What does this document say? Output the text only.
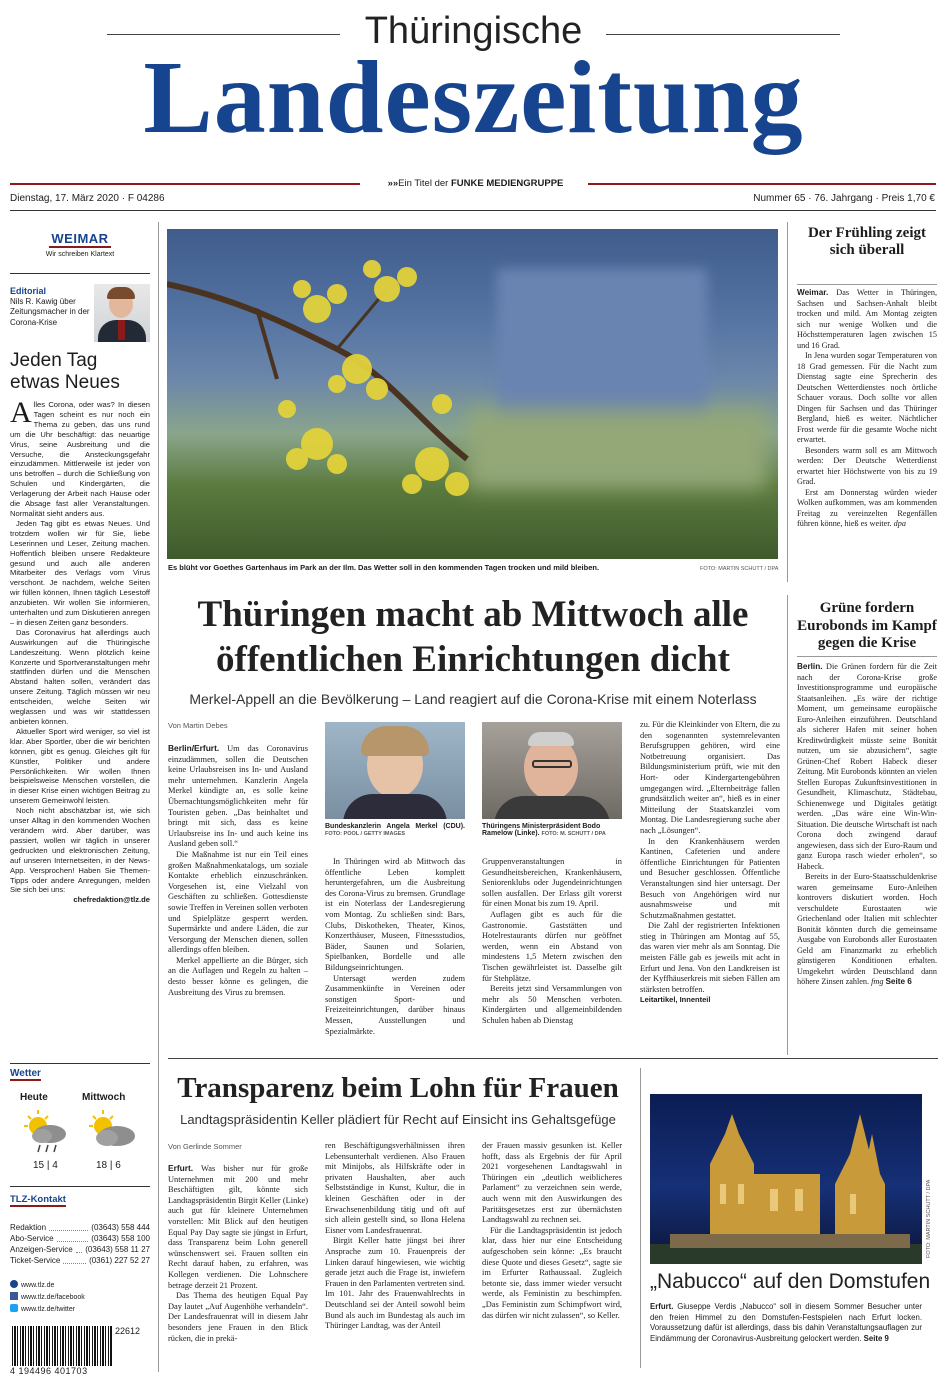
Thüringische
Landeszeitung
»»Ein Titel der FUNKE MEDIENGRUPPE
Dienstag, 17. März 2020 · F 04286	Nummer 65 · 76. Jahrgang · Preis 1,70 €
WEIMAR
Wir schreiben Klartext
Editorial
Nils R. Kawig über Zeitungsmacher in der Corona-Krise
Jeden Tag etwas Neues
Alles Corona, oder was? In diesen Tagen scheint es nur noch ein Thema zu geben, das uns rund um die Uhr beschäftigt: das neuartige Virus, seine Ausbreitung und die Versuche, die Ansteckungsgefahr einzudämmen. Mittlerweile ist jeder von uns betroffen – durch die Schließung von Schulen und Kindergärten, die Verlagerung der Arbeit nach Hause oder die Absage fast aller Veranstaltungen. Normalität sieht anders aus.
Jeden Tag gibt es etwas Neues. Und trotzdem wollen wir für Sie, liebe Leserinnen und Leser, Zeitung machen. Hoffentlich bleiben unsere Redakteure gesund und auch alle anderen Mitarbeiter des Verlags vom Virus verschont. Je nachdem, welche Seiten wir füllen können, Ihnen täglich Lesestoff anzubieten. Wir wollen Sie informieren, unterhalten und zum Diskutieren anregen – in diesen Zeiten ganz besonders.
Das Coronavirus hat allerdings auch Auswirkungen auf die Thüringische Landeszeitung. Wenn plötzlich keine Konzerte und Sportveranstaltungen mehr stattfinden dürfen und die Menschen Abstand halten sollen, verändert das unsere Zeitung. Täglich müssen wir neu entscheiden, welche Seiten wir weglassen und was wir stattdessen anbieten können.
Aktueller Sport wird weniger, so viel ist klar. Aber Sportler, über die wir berichten können, gibt es genug. Gleiches gilt für Künstler, Politiker und andere Persönlichkeiten. Wir wollen Ihnen beispielsweise Menschen vorstellen, die in dieser Krise einen wichtigen Beitrag zu unserem Gemeinwohl leisten.
Noch nicht abschätzbar ist, wie sich unser Alltag in den kommenden Wochen verändern wird. Aber darüber, was passiert, wollen wir täglich in unserer gedruckten und elektronischen Zeitung, auf unseren Internetseiten, in der News-App. Versprochen! Haben Sie Themen-Tipps oder andere Anregungen, melden Sie sich bei uns:
chefredaktion@tlz.de
Wetter
Heute	Mittwoch
15 | 4	18 | 6
TLZ-Kontakt
Redaktion	(03643) 558 444
Abo-Service	(03643) 558 100
Anzeigen-Service (03643) 558 11 27
Ticket-Service	(0361) 227 52 27
www.tlz.de
www.tlz.de/facebook
www.tlz.de/twitter
22612
4 194496 401703
Es blüht vor Goethes Gartenhaus im Park an der Ilm. Das Wetter soll in den kommenden Tagen trocken und mild bleiben.	FOTO: MARTIN SCHUTT / DPA
Der Frühling zeigt sich überall
Weimar. Das Wetter in Thüringen, Sachsen und Sachsen-Anhalt bleibt trocken und mild. Am Montag zeigten sich nur wenige Wolken und die Höchsttemperaturen lagen zwischen 15 und 16 Grad.
In Jena wurden sogar Temperaturen von 18 Grad gemessen. Für die Nacht zum Dienstag sagte eine Sprecherin des Deutschen Wetterdienstes noch örtliche Schauer voraus. Doch sollte vor allen Dingen für Sachsen und das Thüringer Bergland, hieß es weiter. Nächtlicher Frost werde für die gesamte Woche nicht erwartet.
Besonders warm soll es am Mittwoch werden: Der Deutsche Wetterdienst erwartet hier Höchstwerte von bis zu 19 Grad.
Erst am Donnerstag würden wieder Wolken aufkommen, was am kommenden Freitag zu vereinzelten Regenfällen führen könne, hieß es weiter. dpa
Thüringen macht ab Mittwoch alle öffentlichen Einrichtungen dicht
Merkel-Appell an die Bevölkerung – Land reagiert auf die Corona-Krise mit einem Noterlass
Von Martin Debes
Berlin/Erfurt. Um das Coronavirus einzudämmen, sollen die Deutschen keine Urlaubsreisen ins In- und Ausland mehr unternehmen. Kanzlerin Angela Merkel kündigte an, es solle keine Übernachtungsmöglichkeiten mehr für Touristen geben. „Das beinhaltet und bringt mit sich, dass es keine Urlaubsreise ins In- und auch keine ins Ausland geben soll.“
Die Maßnahme ist nur ein Teil eines großen Maßnahmenkatalogs, um soziale Kontakte erheblich einzuschränken. Vorgesehen ist, eine Vielzahl von Geschäften zu schließen. Gottesdienste sowie Treffen in Vereinen sollen verboten und Spielplätze gesperrt werden. Supermärkte und andere Läden, die zur Versorgung der Menschen dienen, sollen allerdings offen bleiben.
Merkel appellierte an die Bürger, sich an die Auflagen und Regeln zu halten – desto besser könne es gelingen, die Ausbreitung des Virus zu bremsen.
Bundeskanzlerin Angela Merkel (CDU). FOTO: POOL / GETTY IMAGES
Thüringens Ministerpräsident Bodo Ramelow (Linke). FOTO: M. SCHUTT / DPA
In Thüringen wird ab Mittwoch das öffentliche Leben komplett heruntergefahren, um die Ausbreitung des Corona-Virus zu bremsen. Grundlage ist ein Noterlass der Landesregierung vom Montag. Zu schließen sind: Bars, Clubs, Diskotheken, Theater, Kinos, Konzerthäuser, Museen, Fitnessstudios, Bäder, Saunen und Solarien, Spielbanken, Bordelle und alle Bildungseinrichtungen.
Untersagt werden zudem Zusammenkünfte in Vereinen oder sonstigen Sport- und Freizeiteinrichtungen, darüber hinaus Messen, Ausstellungen und Spezialmärkte.
Gruppenveranstaltungen in Gesundheitsbereichen, Krankenhäusern, Seniorenklubs oder Jugendeinrichtungen sollen ausfallen. Der Erlass gilt vorerst für einen Monat bis zum 19. April.
Auflagen gibt es auch für die Gastronomie. Gaststätten und Hotelrestaurants dürfen nur geöffnet werden, wenn ein Abstand von mindestens 1,5 Metern zwischen den Tischen gewährleistet ist. Dasselbe gilt für Stehplätze.
Bereits jetzt sind Versammlungen von mehr als 50 Menschen verboten. Kindergärten und allgemeinbildenden Schulen haben ab Dienstag
zu. Für die Kleinkinder von Eltern, die zu den sogenannten systemrelevanten Berufsgruppen gehören, wird eine Notbetreuung organisiert. Das Bildungsministerium prüft, wie mit den Hort- oder Kindergartengebühren umgegangen wird. „Elternbeiträge fallen grundsätzlich weiter an“, hieß es in einer Mitteilung der Staatskanzlei vom Montag. Die Landesregierung suche aber nach „Lösungen“.
In den Krankenhäusern werden Kantinen, Cafeterien und andere öffentliche Einrichtungen für Patienten und Besucher geschlossen. Öffentliche Veranstaltungen sind hier untersagt. Der Besuch von Angehörigen wird nur ausnahmsweise und mit Schutzmaßnahmen gestattet.
Die Zahl der registrierten Infektionen stieg in Thüringen am Montag auf 55, das waren vier mehr als am Sonntag. Die meisten Fälle gab es jeweils mit acht in Erfurt und Jena. Von den Landkreisen ist der Kyffhäuserkreis mit sieben Fällen am stärksten betroffen.
Leitartikel, Innenteil
Grüne fordern Eurobonds im Kampf gegen die Krise
Berlin. Die Grünen fordern für die Zeit nach der Corona-Krise große Investitionsprogramme und europäische Staatsanleihen. „Es wäre der richtige Moment, um gemeinsame europäische Euro-Anleihen einzuführen. Deutschland als sicherer Hafen mit seiner hohen Kreditwürdigkeit müsste seine Bonität nutzen, um sie abzusichern“, sagte Grünen-Chef Robert Habeck dieser Zeitung. Mit Eurobonds könnten an vielen Stellen Europas Zukunftsinvestitionen in Gesundheit, Klimaschutz, Städtebau, Schienenwege und Digitales getätigt werden. „Das wäre eine Win-Win-Situation. Die deutsche Wirtschaft ist nach Corona doch zwingend darauf angewiesen, dass sich der Euro-Raum und ganz Europa rasch wieder erholen“, so Habeck.
Bereits in der Euro-Staatsschuldenkrise waren gemeinsame Euro-Anleihen kontrovers diskutiert worden. Hoch verschuldete Eurostaaten wie Griechenland oder Italien mit schlechter Bonität könnten durch die gemeinsame Ausgabe von Eurobonds aller Eurostaaten Geld am Finanzmarkt zu erheblich günstigeren Konditionen erhalten. Umgekehrt würden Deutschland dann höhere Zinsen zahlen. fmg Seite 6
Transparenz beim Lohn für Frauen
Landtagspräsidentin Keller plädiert für Recht auf Einsicht ins Gehaltsgefüge
Von Gerlinde Sommer
Erfurt. Was bisher nur für große Unternehmen mit 200 und mehr Beschäftigten gilt, könnte sich Landtagspräsidentin Birgit Keller (Linke) auch gut für kleinere Unternehmen vorstellen: Mit Blick auf den heutigen Equal Pay Day sagte sie jüngst in Erfurt, dass Transparenz beim Lohn generell wünschenswert sei. Frauen sollten ein Recht darauf haben, zu erfahren, was Kollegen verdienen. Die Lohnschere betrage derzeit 21 Prozent.
Das Thema des heutigen Equal Pay Day lautet „Auf Augenhöhe verhandeln“. Der Landesfrauenrat will in diesem Jahr besonders jene Frauen in den Blick rücken, die in prekä-
ren Beschäftigungsverhältnissen ihren Lebensunterhalt verdienen. Also Frauen mit Minijobs, als Hilfskräfte oder in privaten Haushalten, aber auch Selbstständige in Kunst, Kultur, die in kleinen Geschäften oder in der Erwachsenenbildung tätig und oft auf sich allein gestellt sind, so Ilona Helena Eisner vom Landesfrauenrat.
Birgit Keller hatte jüngst bei ihrer Ansprache zum 10. Frauenpreis der Linken darauf hingewiesen, wie wichtig gerade jetzt auch die Frage ist, inwiefern Frauen in den Parlamenten vertreten sind. Im 101. Jahr des Frauenwahlrechts in Deutschland sei der Anteil sowohl beim Bund als auch im Bundestag als auch im Thüringer Landtag, was der Anteil
der Frauen massiv gesunken ist. Keller hofft, dass als Ergebnis der für April 2021 vorgesehenen Landtagswahl in Thüringen ein „deutlich weiblicheres Parlament“ zu verzeichnen sein werde, auch wenn mit den Auswirkungen des Paritätsgesetzes erst zur übernächsten Landtagswahl zu rechnen sei.
Für die Landtagspräsidentin ist jedoch klar, dass hier nur eine Entscheidung aufgeschoben sein könne: „Es braucht diese Quote und dieses Gesetz“, sagte sie im Erfurter Rathaussaal. Zugleich betonte sie, dass immer wieder versucht werde, als Feministin zu beschimpfen. „Das Feministin zum Schimpfwort wird, das dürfen wir nicht zulassen“, so Keller.
FOTO: MARTIN SCHUTT / DPA
„Nabucco“ auf den Domstufen
Erfurt. Giuseppe Verdis „Nabucco“ soll in diesem Sommer Besucher unter den freien Himmel zu den Domstufen-Festspielen nach Erfurt locken. Voraussetzung dafür ist allerdings, dass bis dahin Veranstaltungsauflagen zur Eindämmung der Coronavirus-Ausbreitung gelockert werden. Seite 9
